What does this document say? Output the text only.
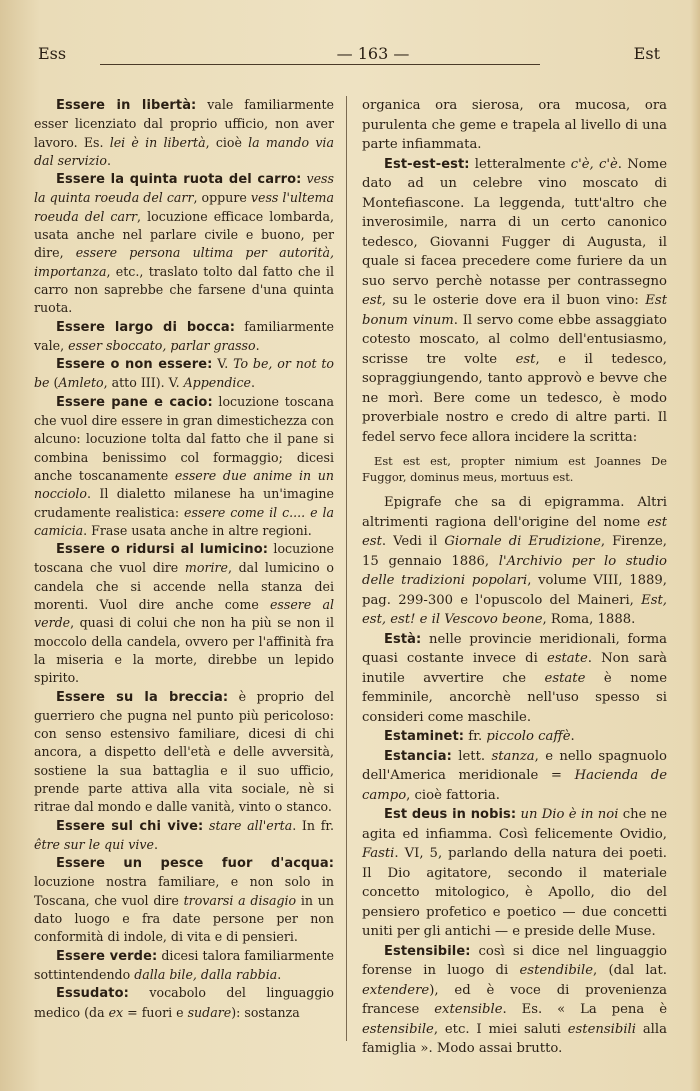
Ess	— 163 —	Est

Essere in libertà: vale familiarmente esser licenziato dal proprio ufficio, non aver lavoro. Es. lei è in libertà, cioè la mando via dal servizio.

Essere la quinta ruota del carro: vess la quinta roeuda del carr, oppure vess l'ultema roeuda del carr, locuzione efficace lombarda, usata anche nel parlare civile e buono, per dire, essere persona ultima per autorità, importanza, etc., traslato tolto dal fatto che il carro non saprebbe che farsene d'una quinta ruota.

Essere largo di bocca: familiarmente vale, esser sboccato, parlar grasso.

Essere o non essere: V. To be, or not to be (Amleto, atto III). V. Appendice.

Essere pane e cacio: locuzione toscana che vuol dire essere in gran dimestichezza con alcuno: locuzione tolta dal fatto che il pane si combina benissimo col formaggio; dicesi anche toscanamente essere due anime in un nocciolo. Il dialetto milanese ha un'imagine crudamente realistica: essere come il c.... e la camicia. Frase usata anche in altre regioni.

Essere o ridursi al lumicino: locuzione toscana che vuol dire morire, dal lumicino o candela che si accende nella stanza dei morenti. Vuol dire anche come essere al verde, quasi di colui che non ha più se non il moccolo della candela, ovvero per l'affinità fra la miseria e la morte, direbbe un lepido spirito.

Essere su la breccia: è proprio del guerriero che pugna nel punto più pericoloso: con senso estensivo familiare, dicesi di chi ancora, a dispetto dell'età e delle avversità, sostiene la sua battaglia e il suo ufficio, prende parte attiva alla vita sociale, nè si ritrae dal mondo e dalle vanità, vinto o stanco.

Essere sul chi vive: stare all'erta. In fr. être sur le qui vive.

Essere un pesce fuor d'acqua: locuzione nostra familiare, e non solo in Toscana, che vuol dire trovarsi a disagio in un dato luogo e fra date persone per non conformità di indole, di vita e di pensieri.

Essere verde: dicesi talora familiarmente sottintendendo dalla bile, dalla rabbia.

Essudato: vocabolo del linguaggio medico (da ex = fuori e sudare): sostanza

organica ora sierosa, ora mucosa, ora purulenta che geme e trapela al livello di una parte infiammata.

Est-est-est: letteralmente c'è, c'è. Nome dato ad un celebre vino moscato di Montefiascone. La leggenda, tutt'altro che inverosimile, narra di un certo canonico tedesco, Giovanni Fugger di Augusta, il quale si facea precedere come furiere da un suo servo perchè notasse per contrassegno est, su le osterie dove era il buon vino: Est bonum vinum. Il servo come ebbe assaggiato cotesto moscato, al colmo dell'entusiasmo, scrisse tre volte est, e il tedesco, sopraggiungendo, tanto approvò e bevve che ne morì. Bere come un tedesco, è modo proverbiale nostro e credo di altre parti. Il fedel servo fece allora incidere la scritta:

Est est est, propter nimium est Joannes De Fuggor, dominus meus, mortuus est.

Epigrafe che sa di epigramma. Altri altrimenti ragiona dell'origine del nome est est. Vedi il Giornale di Erudizione, Firenze, 15 gennaio 1886, l'Archivio per lo studio delle tradizioni popolari, volume VIII, 1889, pag. 299-300 e l'opuscolo del Maineri, Est, est, est! e il Vescovo beone, Roma, 1888.

Està: nelle provincie meridionali, forma quasi costante invece di estate. Non sarà inutile avvertire che estate è nome femminile, ancorchè nell'uso spesso si consideri come maschile.

Estaminet: fr. piccolo caffè.

Estancia: lett. stanza, e nello spagnuolo dell'America meridionale = Hacienda de campo, cioè fattoria.

Est deus in nobis: un Dio è in noi che ne agita ed infiamma. Così felicemente Ovidio, Fasti. VI, 5, parlando della natura dei poeti. Il Dio agitatore, secondo il materiale concetto mitologico, è Apollo, dio del pensiero profetico e poetico — due concetti uniti per gli antichi — e preside delle Muse.

Estensibile: così si dice nel linguaggio forense in luogo di estendibile, (dal lat. extendere), ed è voce di provenienza francese extensible. Es. « La pena è estensibile, etc. I miei saluti estensibili alla famiglia ». Modo assai brutto.
